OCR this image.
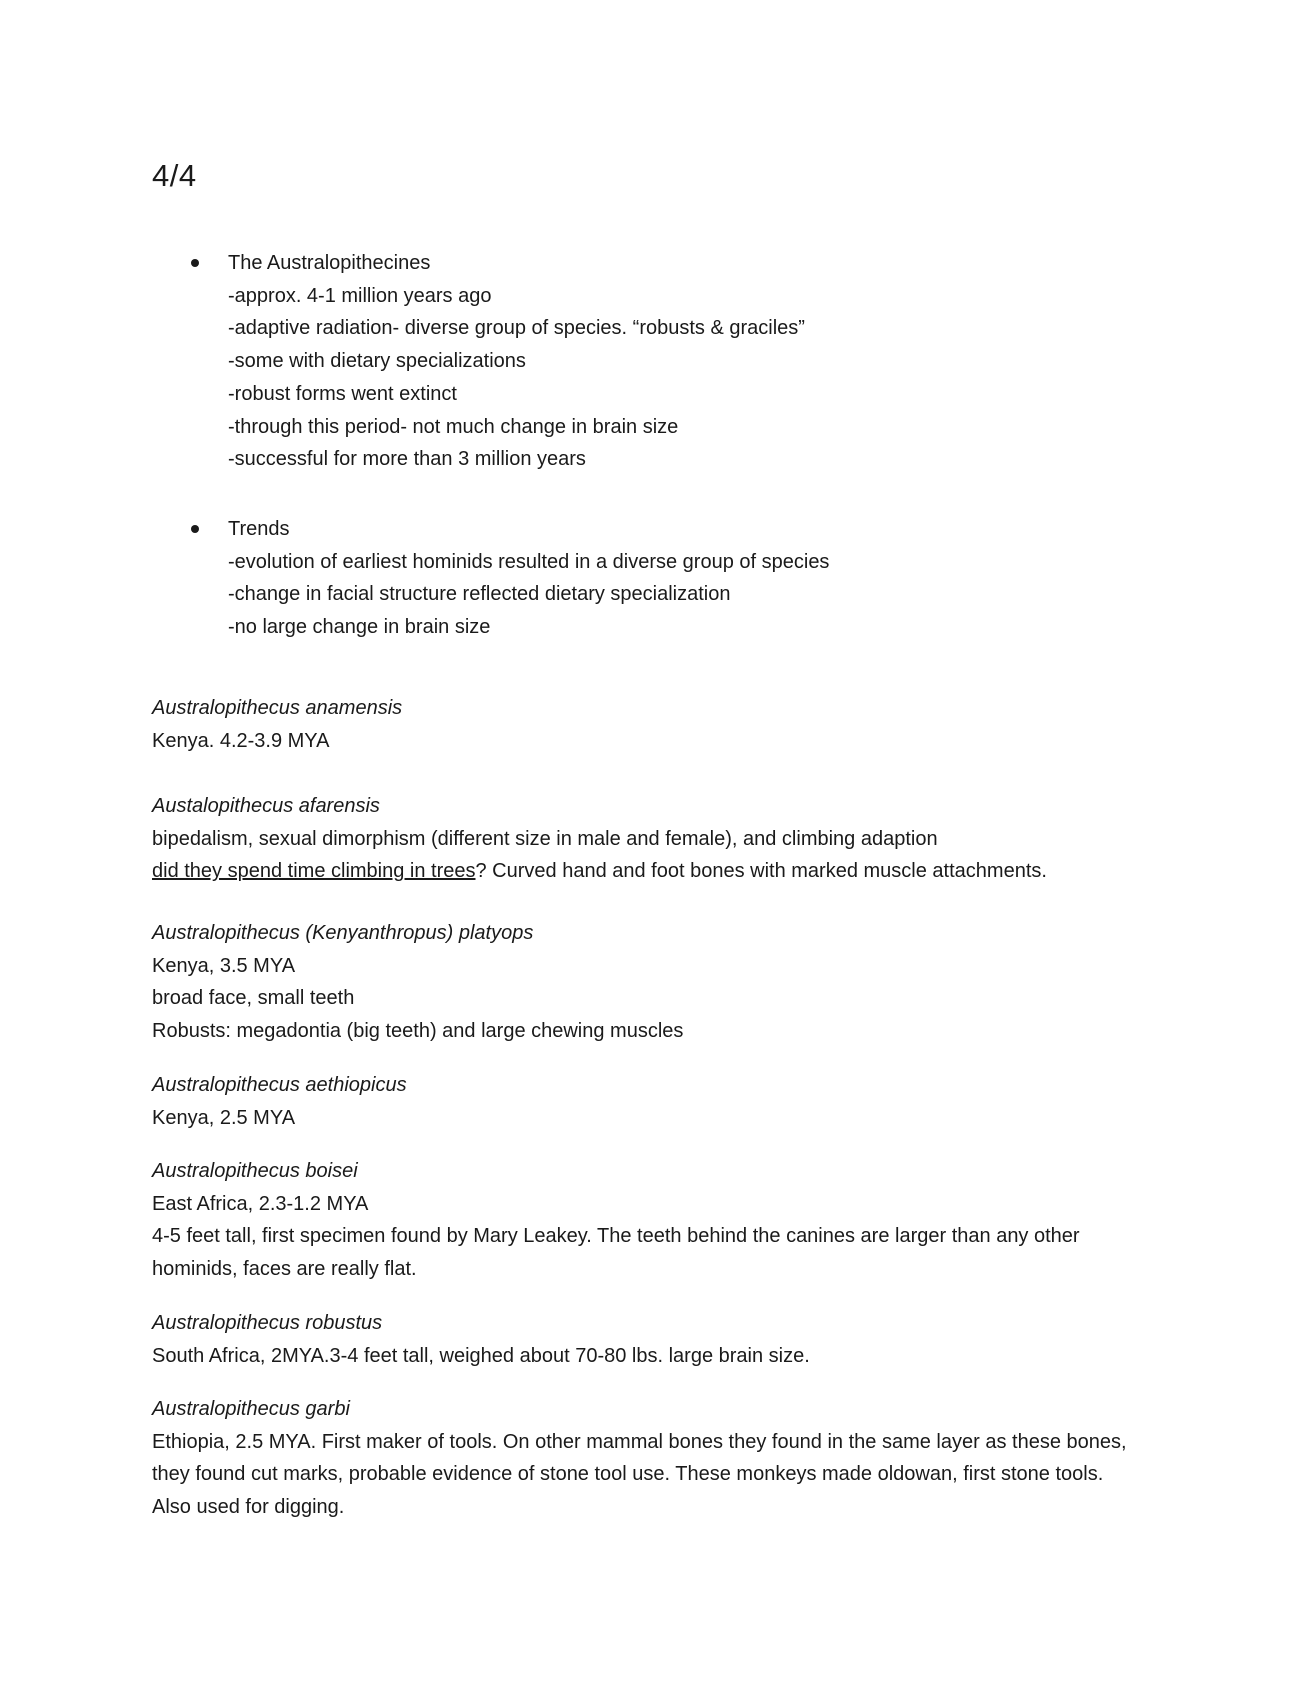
4/4
The Australopithecines
-approx. 4-1 million years ago
-adaptive radiation- diverse group of species. “robusts & graciles”
-some with dietary specializations
-robust forms went extinct
-through this period- not much change in brain size
-successful for more than 3 million years
Trends
-evolution of earliest hominids resulted in a diverse group of species
-change in facial structure reflected dietary specialization
-no large change in brain size
Australopithecus anamensis
Kenya. 4.2-3.9 MYA
Austalopithecus afarensis
bipedalism, sexual dimorphism (different size in male and female), and climbing adaption
did they spend time climbing in trees? Curved hand and foot bones with marked muscle attachments.
Australopithecus (Kenyanthropus) platyops
Kenya, 3.5 MYA
broad face, small teeth
Robusts: megadontia (big teeth) and large chewing muscles
Australopithecus aethiopicus
Kenya, 2.5 MYA
Australopithecus boisei
East Africa, 2.3-1.2 MYA
4-5 feet tall, first specimen found by Mary Leakey. The teeth behind the canines are larger than any other hominids, faces are really flat.
Australopithecus robustus
South Africa, 2MYA.3-4 feet tall, weighed about 70-80 lbs. large brain size.
Australopithecus garbi
Ethiopia, 2.5 MYA. First maker of tools. On other mammal bones they found in the same layer as these bones, they found cut marks, probable evidence of stone tool use. These monkeys made oldowan, first stone tools. Also used for digging.
